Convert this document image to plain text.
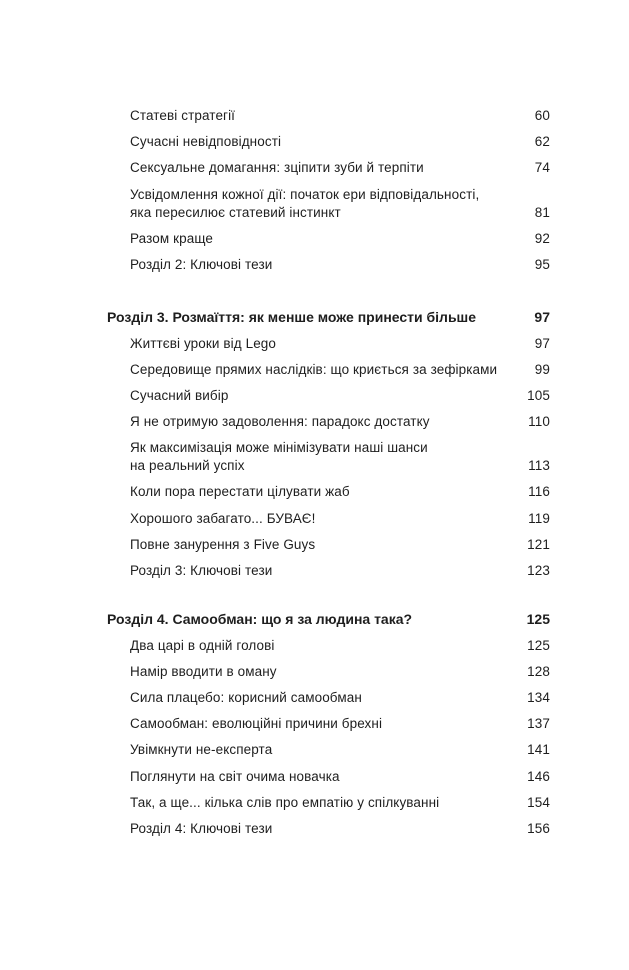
Статеві стратегії	60
Сучасні невідповідності	62
Сексуальне домагання: зціпити зуби й терпіти	74
Усвідомлення кожної дії: початок ери відповідальності,
яка пересилює статевий інстинкт	81
Разом краще	92
Розділ 2: Ключові тези	95
Розділ 3. Розмаїття: як менше може принести більше	97
Життєві уроки від Lego	97
Середовище прямих наслідків: що криється за зефірками	99
Сучасний вибір	105
Я не отримую задоволення: парадокс достатку	110
Як максимізація може мінімізувати наші шанси
на реальний успіх	113
Коли пора перестати цілувати жаб	116
Хорошого забагато... БУВАЄ!	119
Повне занурення з Five Guys	121
Розділ 3: Ключові тези	123
Розділ 4. Самообман: що я за людина така?	125
Два царі в одній голові	125
Намір вводити в оману	128
Сила плацебо: корисний самообман	134
Самообман: еволюційні причини брехні	137
Увімкнути не-експерта	141
Поглянути на світ очима новачка	146
Так, а ще... кілька слів про емпатію у спілкуванні	154
Розділ 4: Ключові тези	156
